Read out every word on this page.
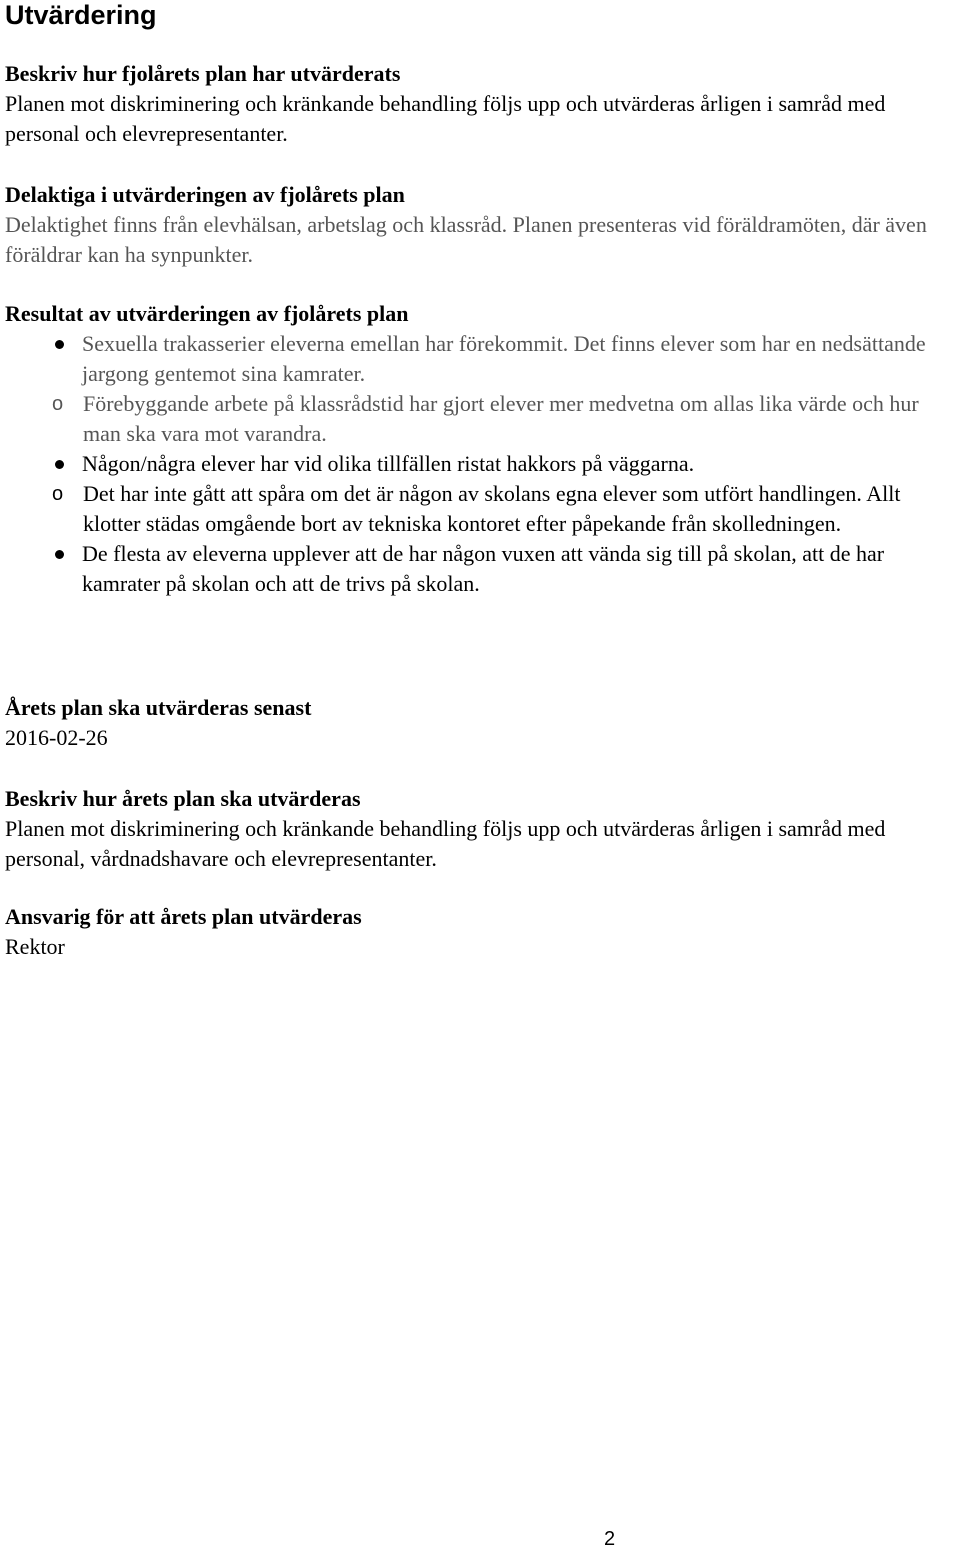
Utvärdering

Beskriv hur fjolårets plan har utvärderats

Planen mot diskriminering och kränkande behandling följs upp och utvärderas årligen i samråd med personal och elevrepresentanter.

Delaktiga i utvärderingen av fjolårets plan

Delaktighet finns från elevhälsan, arbetslag och klassråd. Planen presenteras vid föräldramöten, där även föräldrar kan ha synpunkter.

Resultat av utvärderingen av fjolårets plan

Sexuella trakasserier eleverna emellan har förekommit. Det finns elever som har en nedsättande jargong gentemot sina kamrater.
o Förebyggande arbete på klassrådstid har gjort elever mer medvetna om allas lika värde och hur man ska vara mot varandra.
Någon/några elever har vid olika tillfällen ristat hakkors på väggarna.
o Det har inte gått att spåra om det är någon av skolans egna elever som utfört handlingen. Allt klotter städas omgående bort av tekniska kontoret efter påpekande från skolledningen.
De flesta av eleverna upplever att de har någon vuxen att vända sig till på skolan, att de har kamrater på skolan och att de trivs på skolan.

Årets plan ska utvärderas senast

2016-02-26

Beskriv hur årets plan ska utvärderas

Planen mot diskriminering och kränkande behandling följs upp och utvärderas årligen i samråd med personal, vårdnadshavare och elevrepresentanter.

Ansvarig för att årets plan utvärderas

Rektor

2
